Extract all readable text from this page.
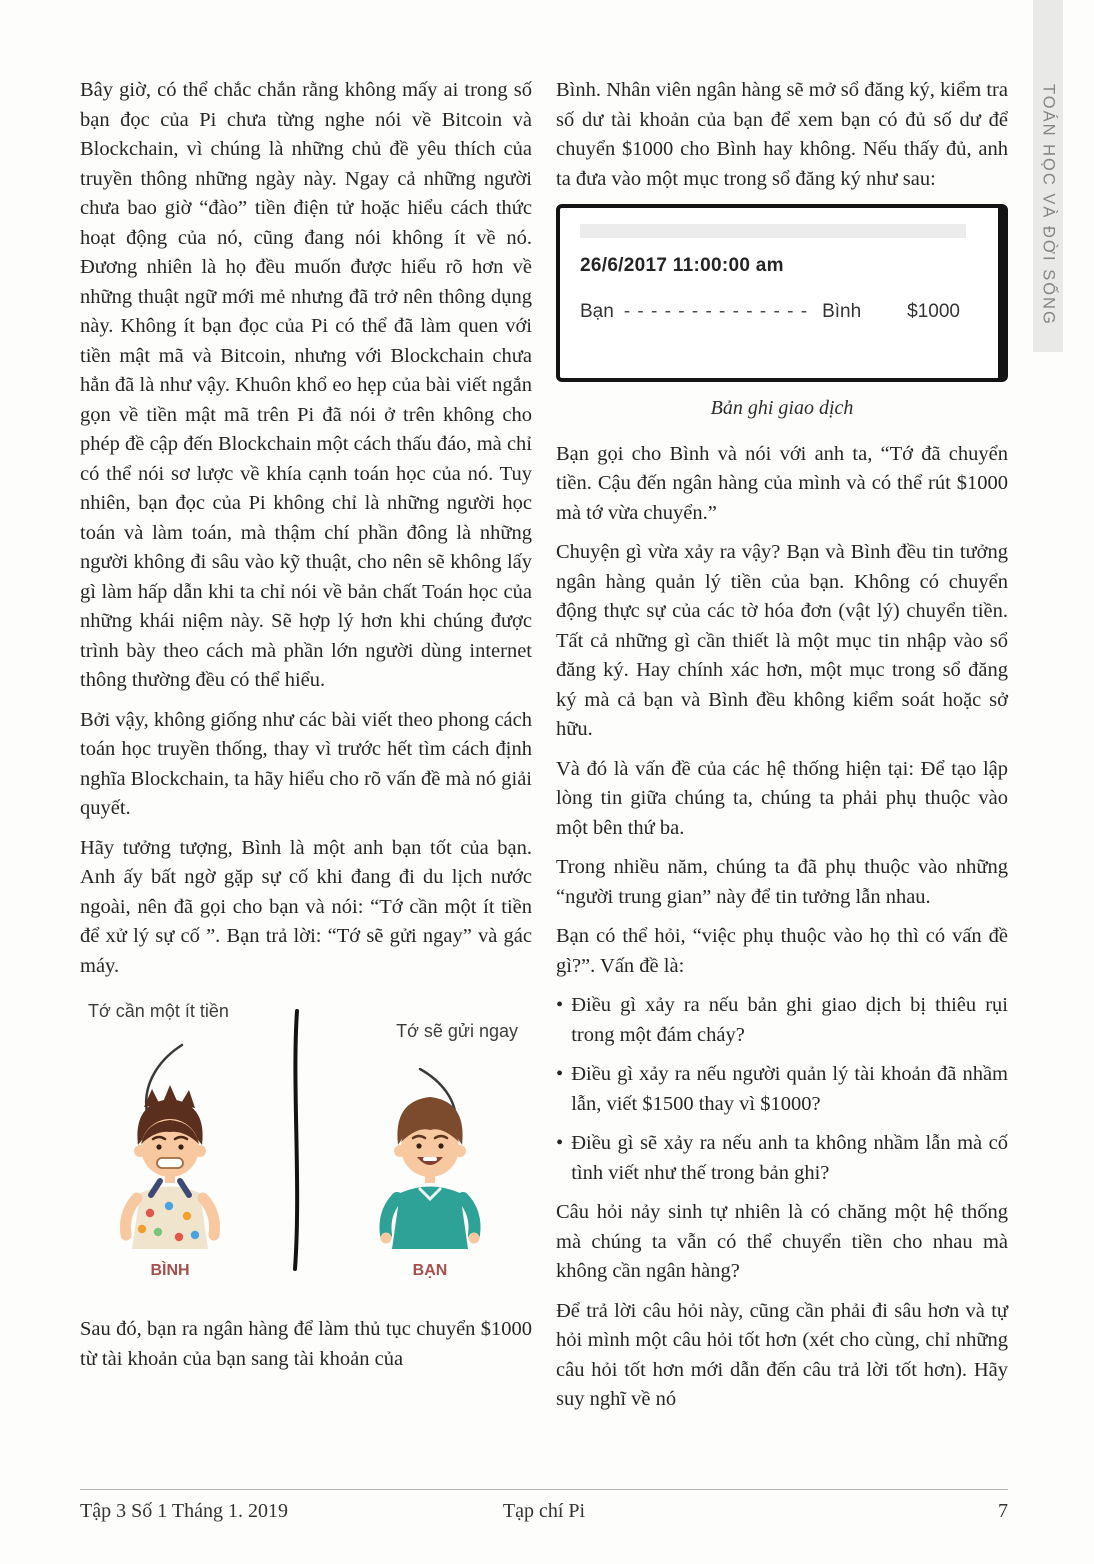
TOÁN HỌC VÀ ĐỜI SỐNG

Bây giờ, có thể chắc chắn rằng không mấy ai trong số bạn đọc của Pi chưa từng nghe nói về Bitcoin và Blockchain, vì chúng là những chủ đề yêu thích của truyền thông những ngày này. Ngay cả những người chưa bao giờ “đào” tiền điện tử hoặc hiểu cách thức hoạt động của nó, cũng đang nói không ít về nó. Đương nhiên là họ đều muốn được hiểu rõ hơn về những thuật ngữ mới mẻ nhưng đã trở nên thông dụng này. Không ít bạn đọc của Pi có thể đã làm quen với tiền mật mã và Bitcoin, nhưng với Blockchain chưa hẳn đã là như vậy. Khuôn khổ eo hẹp của bài viết ngắn gọn về tiền mật mã trên Pi đã nói ở trên không cho phép đề cập đến Blockchain một cách thấu đáo, mà chỉ có thể nói sơ lược về khía cạnh toán học của nó. Tuy nhiên, bạn đọc của Pi không chỉ là những người học toán và làm toán, mà thậm chí phần đông là những người không đi sâu vào kỹ thuật, cho nên sẽ không lấy gì làm hấp dẫn khi ta chỉ nói về bản chất Toán học của những khái niệm này. Sẽ hợp lý hơn khi chúng được trình bày theo cách mà phần lớn người dùng internet thông thường đều có thể hiểu.

Bởi vậy, không giống như các bài viết theo phong cách toán học truyền thống, thay vì trước hết tìm cách định nghĩa Blockchain, ta hãy hiểu cho rõ vấn đề mà nó giải quyết.

Hãy tưởng tượng, Bình là một anh bạn tốt của bạn. Anh ấy bất ngờ gặp sự cố khi đang đi du lịch nước ngoài, nên đã gọi cho bạn và nói: “Tớ cần một ít tiền để xử lý sự cố ”. Bạn trả lời: “Tớ sẽ gửi ngay” và gác máy.

Tớ cần một ít tiền
Tớ sẽ gửi ngay
BÌNH	BẠN

Sau đó, bạn ra ngân hàng để làm thủ tục chuyển $1000 từ tài khoản của bạn sang tài khoản của

Bình. Nhân viên ngân hàng sẽ mở sổ đăng ký, kiểm tra số dư tài khoản của bạn để xem bạn có đủ số dư để chuyển $1000 cho Bình hay không. Nếu thấy đủ, anh ta đưa vào một mục trong sổ đăng ký như sau:

26/6/2017 11:00:00 am
Bạn - - - - - - - - - - - - - - Bình $1000

Bản ghi giao dịch

Bạn gọi cho Bình và nói với anh ta, “Tớ đã chuyển tiền. Cậu đến ngân hàng của mình và có thể rút $1000 mà tớ vừa chuyển.”

Chuyện gì vừa xảy ra vậy? Bạn và Bình đều tin tưởng ngân hàng quản lý tiền của bạn. Không có chuyển động thực sự của các tờ hóa đơn (vật lý) chuyển tiền. Tất cả những gì cần thiết là một mục tin nhập vào sổ đăng ký. Hay chính xác hơn, một mục trong sổ đăng ký mà cả bạn và Bình đều không kiểm soát hoặc sở hữu.

Và đó là vấn đề của các hệ thống hiện tại: Để tạo lập lòng tin giữa chúng ta, chúng ta phải phụ thuộc vào một bên thứ ba.

Trong nhiều năm, chúng ta đã phụ thuộc vào những “người trung gian” này để tin tưởng lẫn nhau.

Bạn có thể hỏi, “việc phụ thuộc vào họ thì có vấn đề gì?”. Vấn đề là:

• Điều gì xảy ra nếu bản ghi giao dịch bị thiêu rụi trong một đám cháy?

• Điều gì xảy ra nếu người quản lý tài khoản đã nhầm lẫn, viết $1500 thay vì $1000?

• Điều gì sẽ xảy ra nếu anh ta không nhầm lẫn mà cố tình viết như thế trong bản ghi?

Câu hỏi nảy sinh tự nhiên là có chăng một hệ thống mà chúng ta vẫn có thể chuyển tiền cho nhau mà không cần ngân hàng?

Để trả lời câu hỏi này, cũng cần phải đi sâu hơn và tự hỏi mình một câu hỏi tốt hơn (xét cho cùng, chỉ những câu hỏi tốt hơn mới dẫn đến câu trả lời tốt hơn). Hãy suy nghĩ về nó

Tập 3 Số 1 Tháng 1. 2019	Tạp chí Pi	7
